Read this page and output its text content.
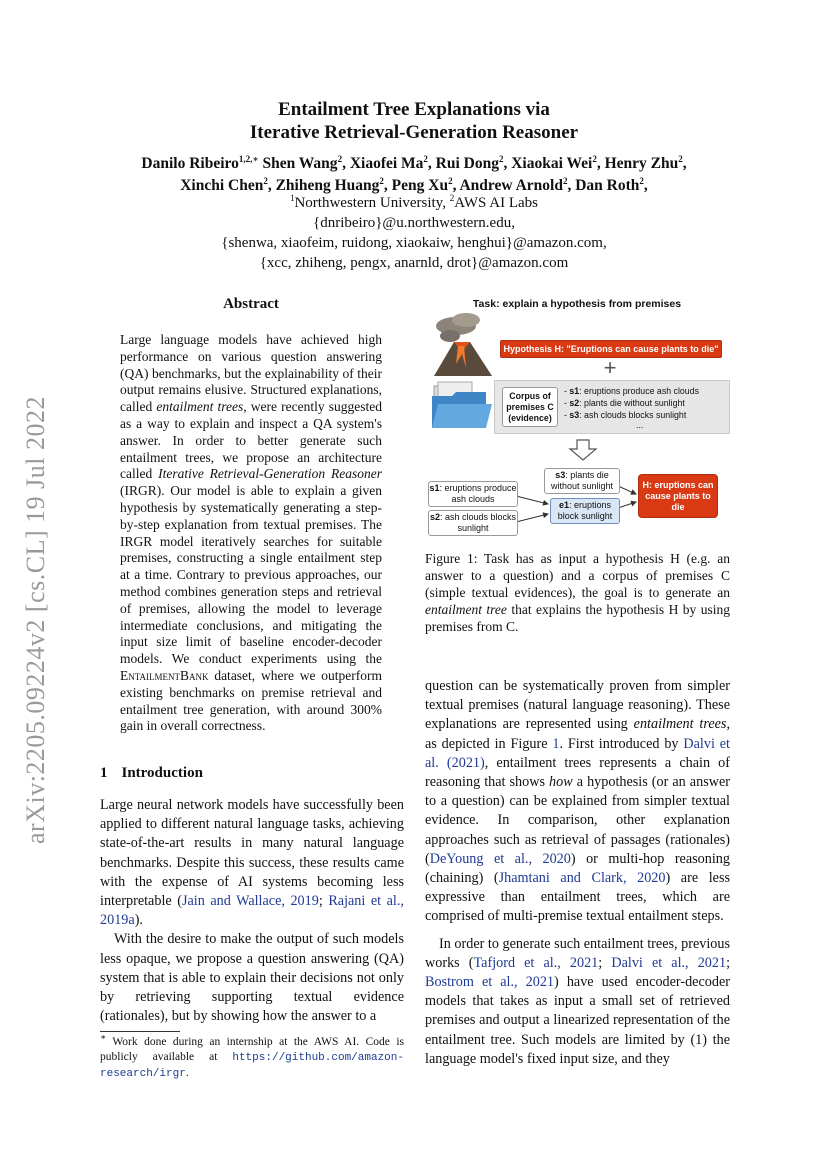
arXiv:2205.09224v2 [cs.CL] 19 Jul 2022
Entailment Tree Explanations via
Iterative Retrieval-Generation Reasoner
Danilo Ribeiro$^{1,2,∗}$ Shen Wang$^2$, Xiaofei Ma$^2$, Rui Dong$^2$, Xiaokai Wei$^2$, Henry Zhu$^2$,
Xinchi Chen$^2$, Zhiheng Huang$^2$, Peng Xu$^2$, Andrew Arnold$^2$, Dan Roth$^2$,
$^1$Northwestern University, $^2$AWS AI Labs
{dnribeiro}@u.northwestern.edu,
{shenwa, xiaofeim, ruidong, xiaokaiw, henghui}@amazon.com,
{xcc, zhiheng, pengx, anarnld, drot}@amazon.com
Abstract
Large language models have achieved high performance on various question answering (QA) benchmarks, but the explainability of their output remains elusive. Structured explanations, called entailment trees, were recently suggested as a way to explain and inspect a QA system's answer. In order to better generate such entailment trees, we propose an architecture called Iterative Retrieval-Generation Reasoner (IRGR). Our model is able to explain a given hypothesis by systematically generating a step-by-step explanation from textual premises. The IRGR model iteratively searches for suitable premises, constructing a single entailment step at a time. Contrary to previous approaches, our method combines generation steps and retrieval of premises, allowing the model to leverage intermediate conclusions, and mitigating the input size limit of baseline encoder-decoder models. We conduct experiments using the EntailmentBank dataset, where we outperform existing benchmarks on premise retrieval and entailment tree generation, with around 300% gain in overall correctness.
1 Introduction

Large neural network models have successfully been applied to different natural language tasks, achieving state-of-the-art results in many natural language benchmarks. Despite this success, these results came with the expense of AI systems becoming less interpretable (Jain and Wallace, 2019; Rajani et al., 2019a).

With the desire to make the output of such models less opaque, we propose a question answering (QA) system that is able to explain their decisions not only by retrieving supporting textual evidence (rationales), but by showing how the answer to a

∗ Work done during an internship at the AWS AI. Code is publicly available at https://github.com/amazon-research/irgr.
Task: explain a hypothesis from premises
Hypothesis H: "Eruptions can cause plants to die"
+
Corpus of premises C (evidence)
- s1: eruptions produce ash clouds
- s2: plants die without sunlight
- s3: ash clouds blocks sunlight
...
s1: eruptions produce ash clouds
s2: ash clouds blocks sunlight
s3: plants die without sunlight
e1: eruptions block sunlight
H: eruptions can cause plants to die
Figure 1: Task has as input a hypothesis H (e.g. an answer to a question) and a corpus of premises C (simple textual evidences), the goal is to generate an entailment tree that explains the hypothesis H by using premises from C.

question can be systematically proven from simpler textual premises (natural language reasoning). These explanations are represented using entailment trees, as depicted in Figure 1. First introduced by Dalvi et al. (2021), entailment trees represents a chain of reasoning that shows how a hypothesis (or an answer to a question) can be explained from simpler textual evidence. In comparison, other explanation approaches such as retrieval of passages (rationales) (DeYoung et al., 2020) or multi-hop reasoning (chaining) (Jhamtani and Clark, 2020) are less expressive than entailment trees, which are comprised of multi-premise textual entailment steps.

In order to generate such entailment trees, previous works (Tafjord et al., 2021; Dalvi et al., 2021; Bostrom et al., 2021) have used encoder-decoder models that takes as input a small set of retrieved premises and output a linearized representation of the entailment tree. Such models are limited by (1) the language model's fixed input size, and they
